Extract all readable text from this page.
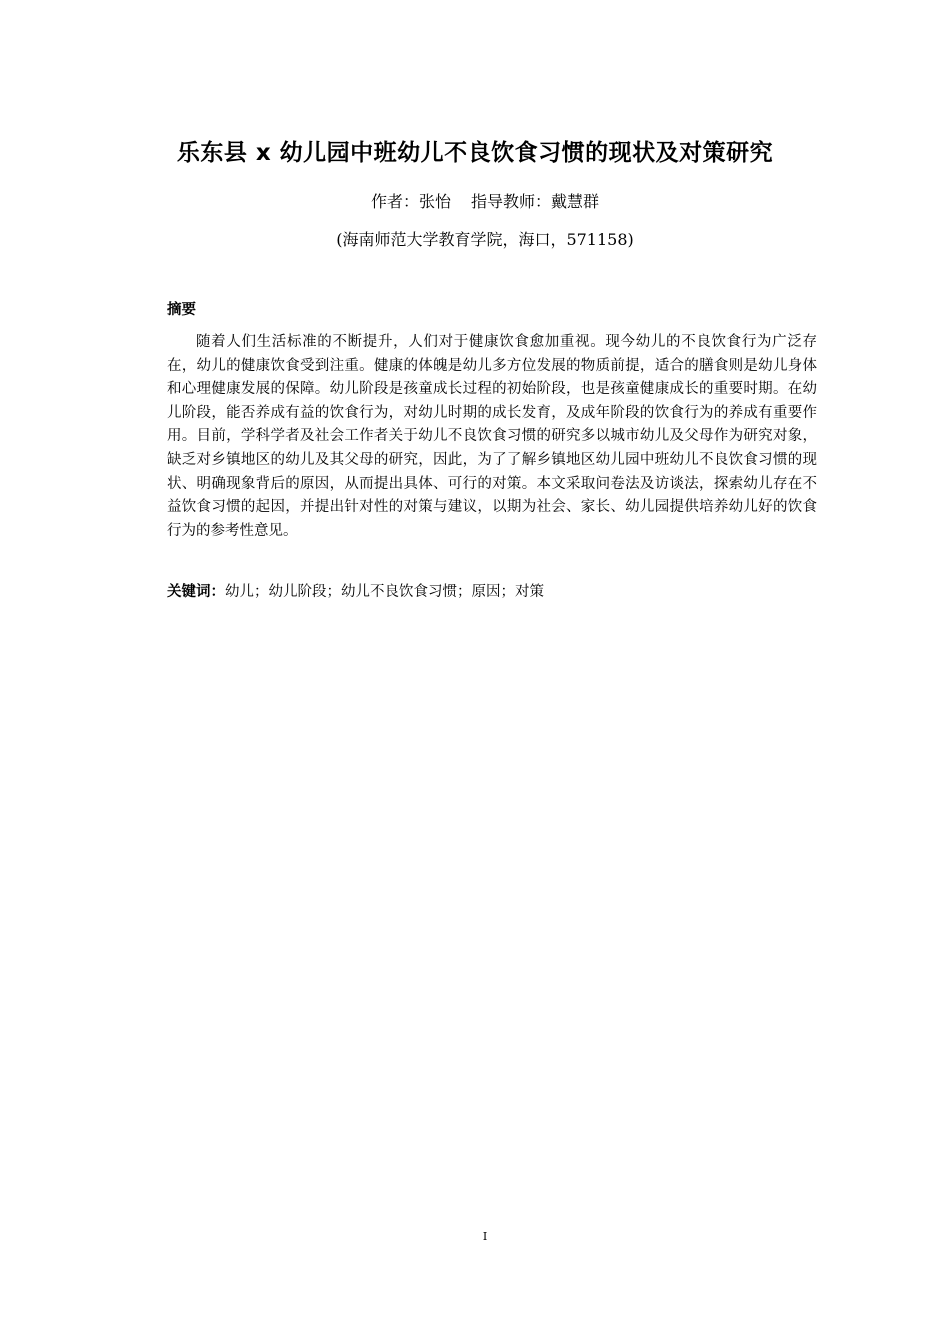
乐东县 x 幼儿园中班幼儿不良饮食习惯的现状及对策研究
作者：张怡 指导教师：戴慧群
(海南师范大学教育学院，海口，571158)
摘要

随着人们生活标准的不断提升，人们对于健康饮食愈加重视。现今幼儿的不良饮食行为广泛存在，幼儿的健康饮食受到注重。健康的体魄是幼儿多方位发展的物质前提，适合的膳食则是幼儿身体和心理健康发展的保障。幼儿阶段是孩童成长过程的初始阶段，也是孩童健康成长的重要时期。在幼儿阶段，能否养成有益的饮食行为，对幼儿时期的成长发育，及成年阶段的饮食行为的养成有重要作用。目前，学科学者及社会工作者关于幼儿不良饮食习惯的研究多以城市幼儿及父母作为研究对象，缺乏对乡镇地区的幼儿及其父母的研究，因此，为了了解乡镇地区幼儿园中班幼儿不良饮食习惯的现状、明确现象背后的原因，从而提出具体、可行的对策。本文采取问卷法及访谈法，探索幼儿存在不益饮食习惯的起因，并提出针对性的对策与建议，以期为社会、家长、幼儿园提供培养幼儿好的饮食行为的参考性意见。

关键词：幼儿；幼儿阶段；幼儿不良饮食习惯；原因；对策

I
